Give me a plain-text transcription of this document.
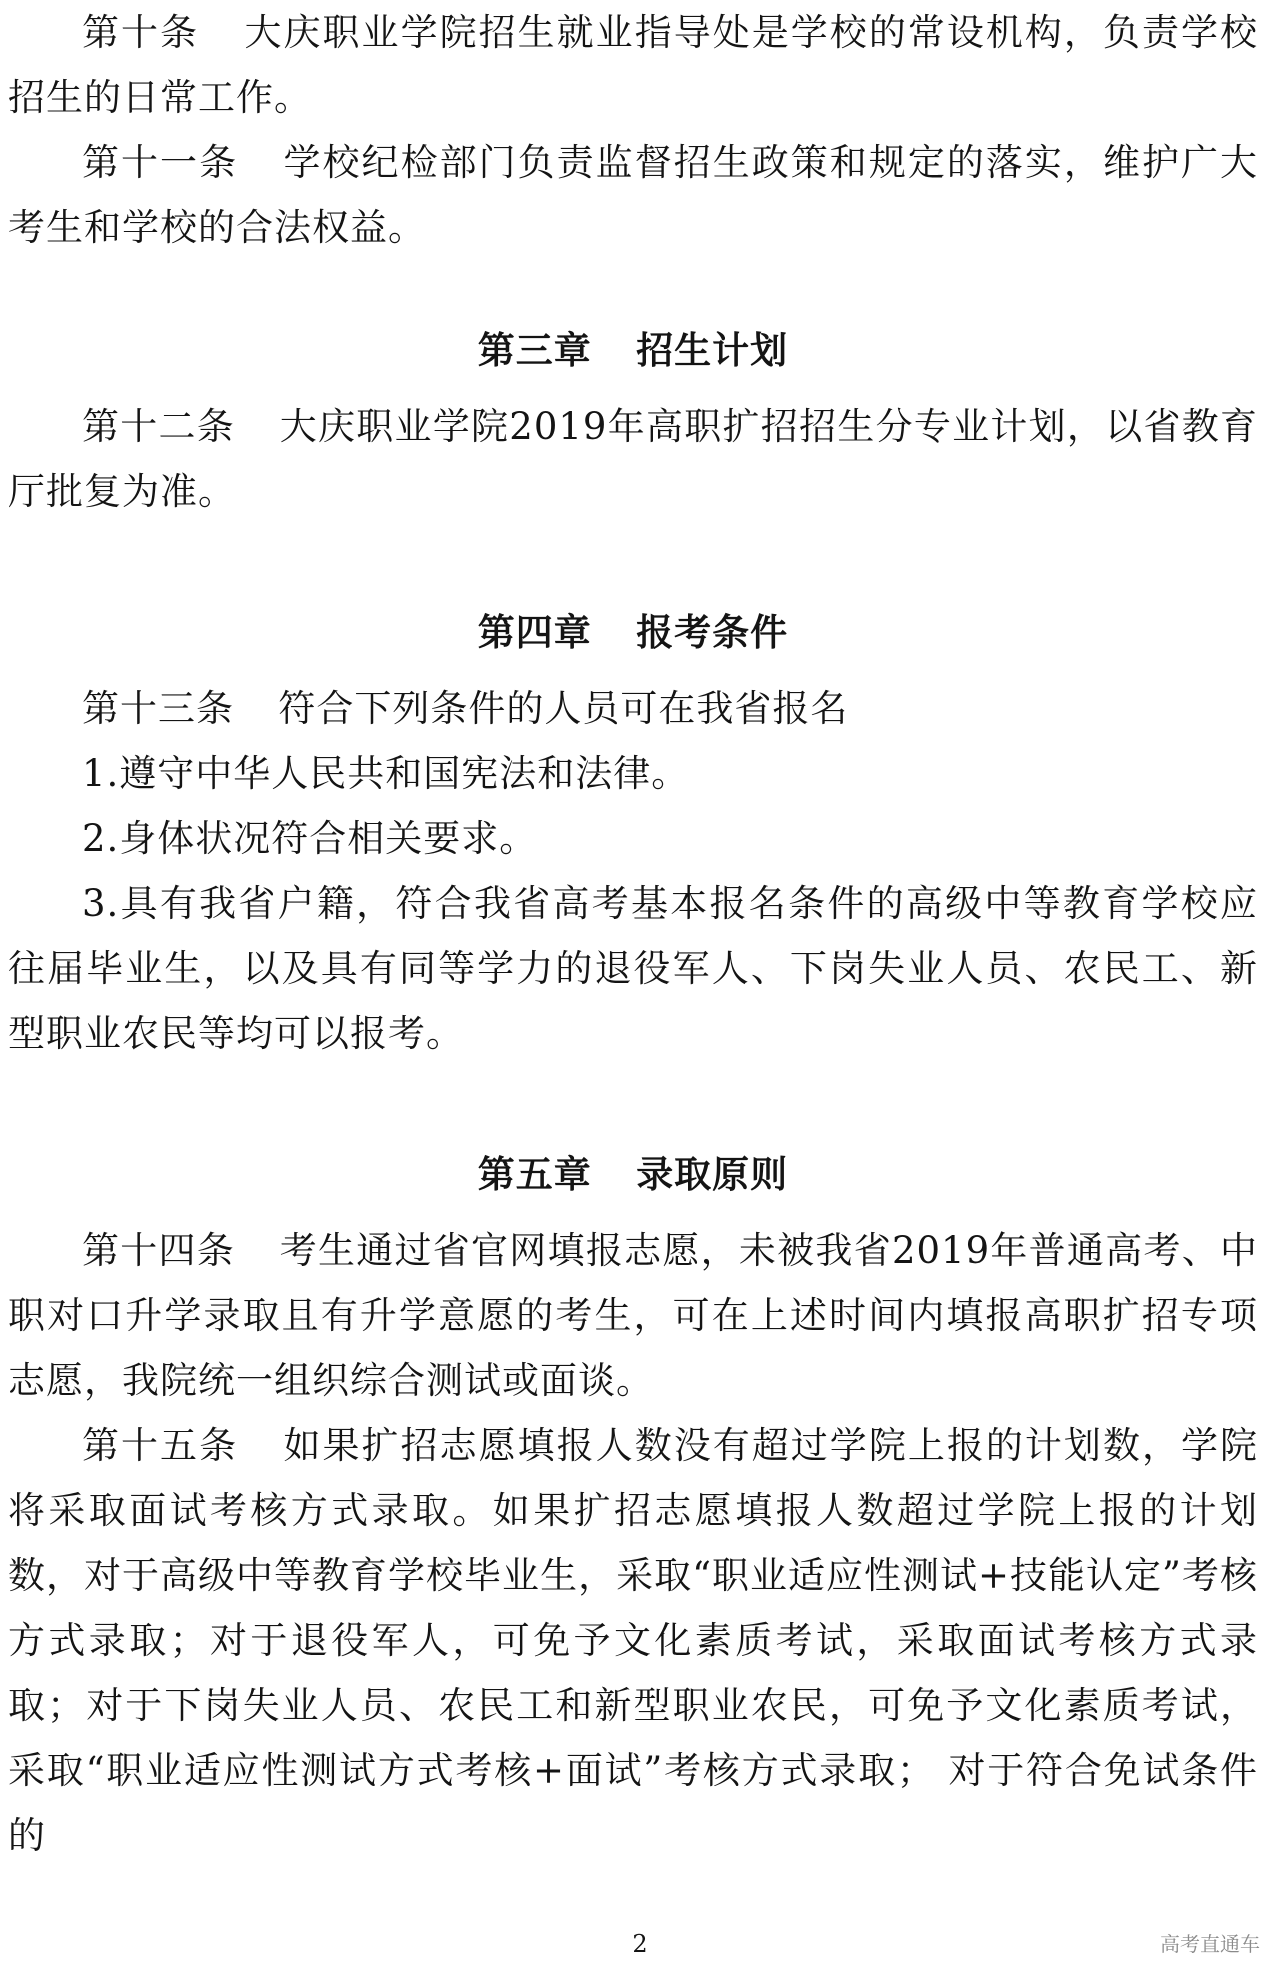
第十条 大庆职业学院招生就业指导处是学校的常设机构，负责学校招生的日常工作。

第十一条 学校纪检部门负责监督招生政策和规定的落实，维护广大考生和学校的合法权益。

第三章 招生计划

第十二条 大庆职业学院2019年高职扩招招生分专业计划，以省教育厅批复为准。

第四章 报考条件

第十三条 符合下列条件的人员可在我省报名

1.遵守中华人民共和国宪法和法律。

2.身体状况符合相关要求。

3.具有我省户籍，符合我省高考基本报名条件的高级中等教育学校应往届毕业生，以及具有同等学力的退役军人、下岗失业人员、农民工、新型职业农民等均可以报考。

第五章 录取原则

第十四条 考生通过省官网填报志愿，未被我省2019年普通高考、中职对口升学录取且有升学意愿的考生，可在上述时间内填报高职扩招专项志愿，我院统一组织综合测试或面谈。

第十五条 如果扩招志愿填报人数没有超过学院上报的计划数，学院将采取面试考核方式录取。如果扩招志愿填报人数超过学院上报的计划数，对于高级中等教育学校毕业生，采取“职业适应性测试+技能认定”考核方式录取；对于退役军人，可免予文化素质考试，采取面试考核方式录取；对于下岗失业人员、农民工和新型职业农民，可免予文化素质考试，采取“职业适应性测试方式考核+面试”考核方式录取； 对于符合免试条件的

2	高考直通车
